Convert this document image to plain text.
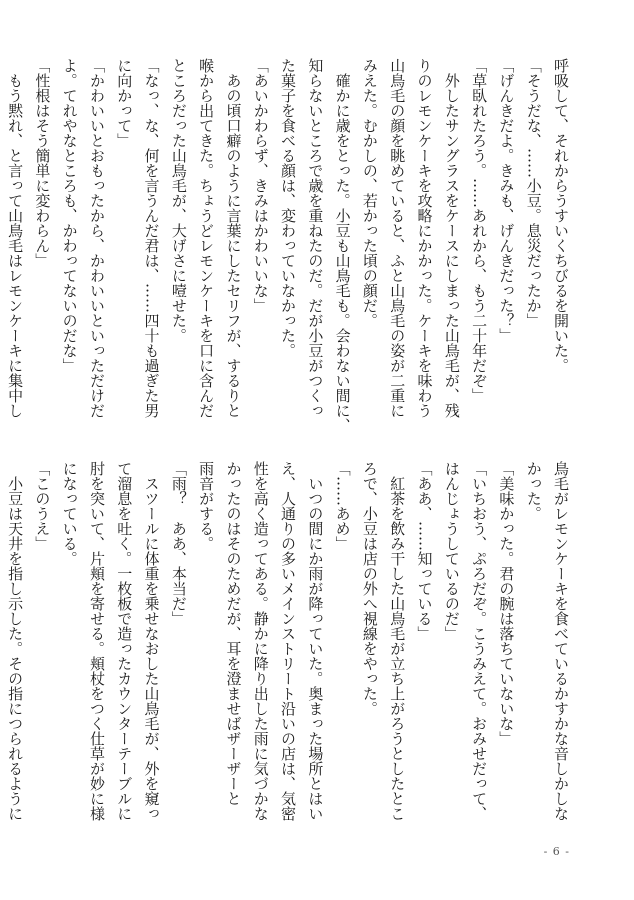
呼吸して、それからうすいくちびるを開いた。
「そうだな、……小豆。息災だったか」
「げんきだよ。きみも、げんきだった？」
「草臥れたろう。……あれから、もう二十年だぞ」
　外したサングラスをケースにしまった山鳥毛が、残
りのレモンケーキを攻略にかかった。ケーキを味わう
山鳥毛の顔を眺めていると、ふと山鳥毛の姿が二重に
みえた。むかしの、若かった頃の顔だ。
　確かに歳をとった。小豆も山鳥毛も。会わない間に、
知らないところで歳を重ねたのだ。だが小豆がつくっ
た菓子を食べる顔は、変わっていなかった。
「あいかわらず、きみはかわいいな」
　あの頃口癖のように言葉にしたセリフが、するりと
喉から出てきた。ちょうどレモンケーキを口に含んだ
ところだった山鳥毛が、大げさに噎せた。
「なっ、な、何を言うんだ君は、……四十も過ぎた男
に向かって」
「かわいいとおもったから、かわいいといっただけだ
よ。てれやなところも、かわってないのだな」
「性根はそう簡単に変わらん」
　もう黙れ、と言って山鳥毛はレモンケーキに集中し
鳥毛がレモンケーキを食べているかすかな音しかしな
かった。
「美味かった。君の腕は落ちていないな」
「いちおう、ぷろだぞ。こうみえて。おみせだって、
はんじょうしているのだ」
「ああ、……知っている」
　紅茶を飲み干した山鳥毛が立ち上がろうとしたとこ
ろで、小豆は店の外へ視線をやった。
「……あめ」
　いつの間にか雨が降っていた。奥まった場所とはい
え、人通りの多いメインストリート沿いの店は、気密
性を高く造ってある。静かに降り出した雨に気づかな
かったのはそのためだが、耳を澄ませばザーザーと
雨音がする。
「雨？　ああ、本当だ」
　スツールに体重を乗せなおした山鳥毛が、外を窺っ
て溜息を吐く。一枚板で造ったカウンターテーブルに
肘を突いて、片頬を寄せる。頬杖をつく仕草が妙に様
になっている。
「このうえ」
　小豆は天井を指し示した。その指につられるように
- 6 -
